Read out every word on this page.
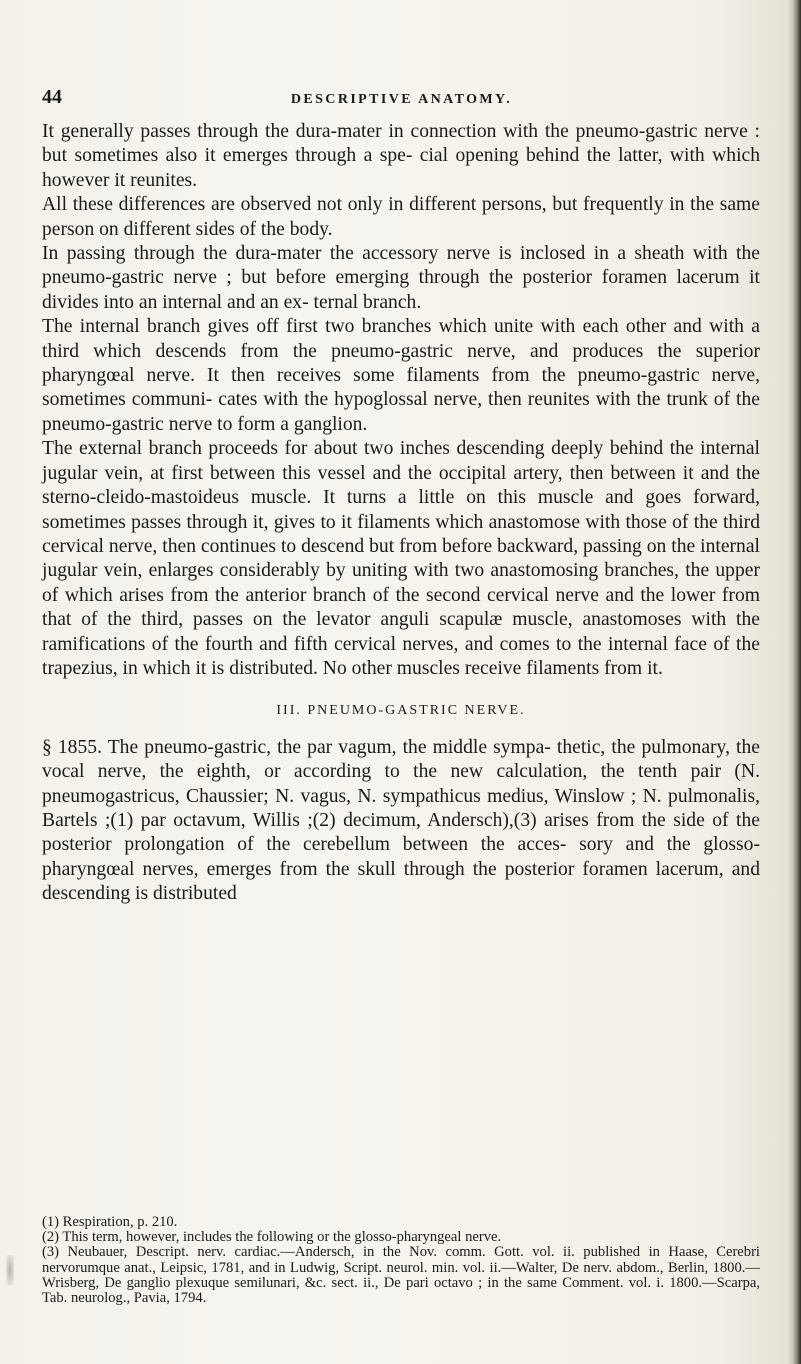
44	DESCRIPTIVE ANATOMY.

It generally passes through the dura-mater in connection with the pneumo-gastric nerve : but sometimes also it emerges through a spe- cial opening behind the latter, with which however it reunites.

All these differences are observed not only in different persons, but frequently in the same person on different sides of the body.

In passing through the dura-mater the accessory nerve is inclosed in a sheath with the pneumo-gastric nerve ; but before emerging through the posterior foramen lacerum it divides into an internal and an ex- ternal branch.

The internal branch gives off first two branches which unite with each other and with a third which descends from the pneumo-gastric nerve, and produces the superior pharyngœal nerve. It then receives some filaments from the pneumo-gastric nerve, sometimes communi- cates with the hypoglossal nerve, then reunites with the trunk of the pneumo-gastric nerve to form a ganglion.

The external branch proceeds for about two inches descending deeply behind the internal jugular vein, at first between this vessel and the occipital artery, then between it and the sterno-cleido-mastoideus muscle. It turns a little on this muscle and goes forward, sometimes passes through it, gives to it filaments which anastomose with those of the third cervical nerve, then continues to descend but from before backward, passing on the internal jugular vein, enlarges considerably by uniting with two anastomosing branches, the upper of which arises from the anterior branch of the second cervical nerve and the lower from that of the third, passes on the levator anguli scapulæ muscle, anastomoses with the ramifications of the fourth and fifth cervical nerves, and comes to the internal face of the trapezius, in which it is distributed. No other muscles receive filaments from it.

III. PNEUMO-GASTRIC NERVE.

§ 1855. The pneumo-gastric, the par vagum, the middle sympa- thetic, the pulmonary, the vocal nerve, the eighth, or according to the new calculation, the tenth pair (N. pneumogastricus, Chaussier; N. vagus, N. sympathicus medius, Winslow ; N. pulmonalis, Bartels ;(1) par octavum, Willis ;(2) decimum, Andersch),(3) arises from the side of the posterior prolongation of the cerebellum between the acces- sory and the glosso-pharyngœal nerves, emerges from the skull through the posterior foramen lacerum, and descending is distributed

(1) Respiration, p. 210.

(2) This term, however, includes the following or the glosso-pharyngeal nerve.

(3) Neubauer, Descript. nerv. cardiac.—Andersch, in the Nov. comm. Gott. vol. ii. published in Haase, Cerebri nervorumque anat., Leipsic, 1781, and in Ludwig, Script. neurol. min. vol. ii.—Walter, De nerv. abdom., Berlin, 1800.—Wrisberg, De ganglio plexuque semilunari, &c. sect. ii., De pari octavo ; in the same Comment. vol. i. 1800.—Scarpa, Tab. neurolog., Pavia, 1794.
